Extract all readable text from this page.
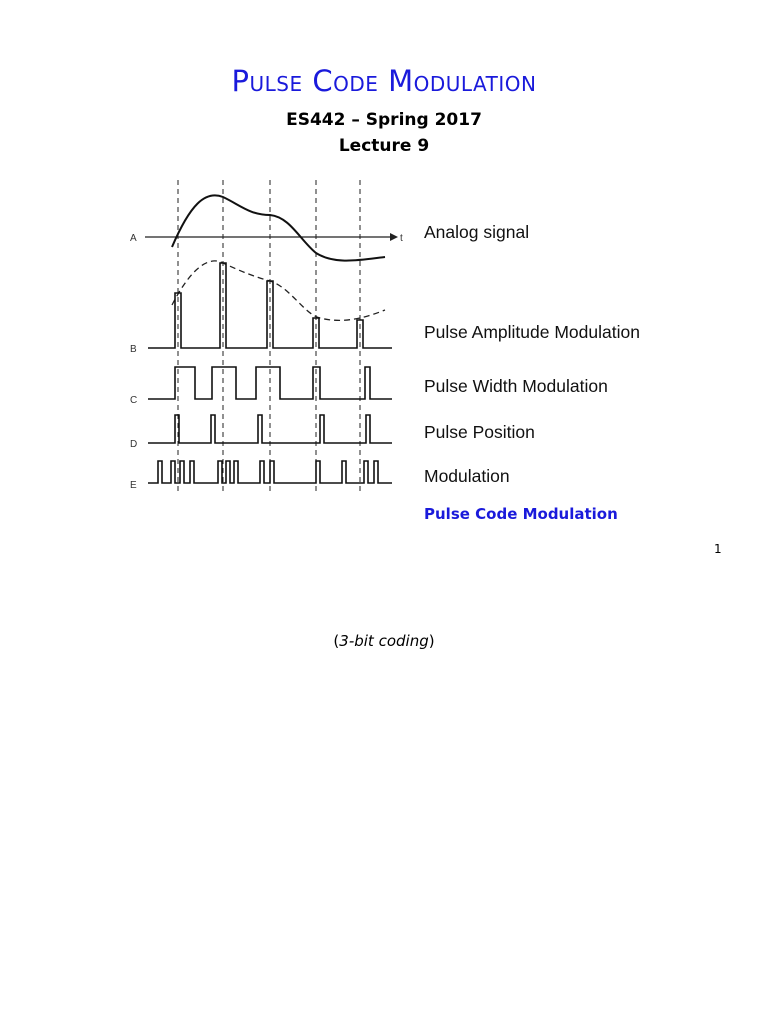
Pulse Code Modulation
ES442 – Spring 2017
Lecture 9
A	t
B
C
D
E
Analog signal
Pulse Amplitude Modulation
Pulse Width Modulation
Pulse Position
Modulation
Pulse Code Modulation
1
(3-bit coding)
